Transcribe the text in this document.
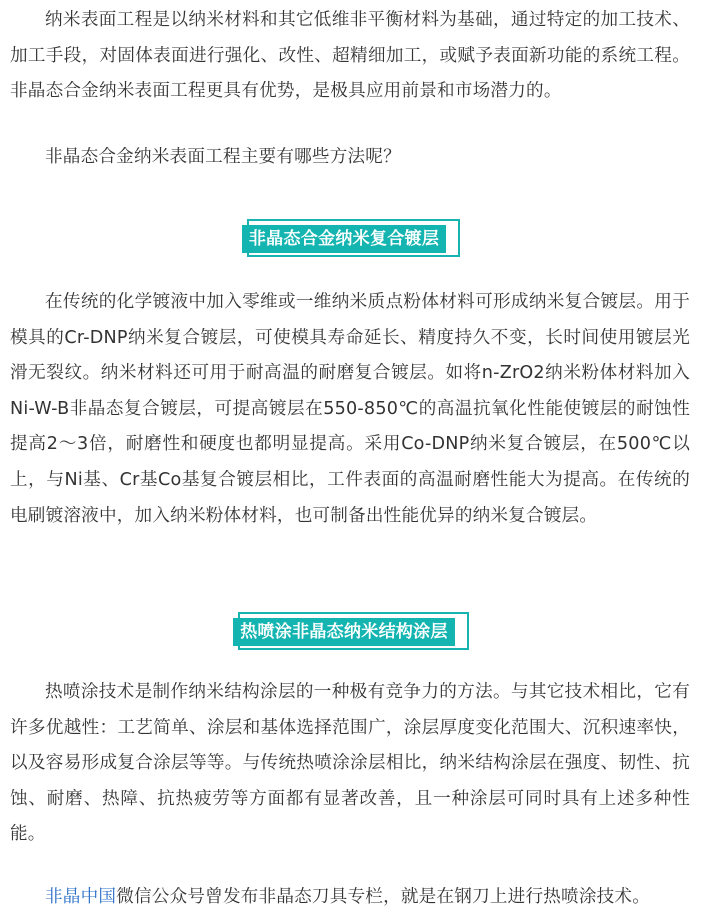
纳米表面工程是以纳米材料和其它低维非平衡材料为基础，通过特定的加工技术、加工手段，对固体表面进行强化、改性、超精细加工，或赋予表面新功能的系统工程。非晶态合金纳米表面工程更具有优势，是极具应用前景和市场潜力的。

非晶态合金纳米表面工程主要有哪些方法呢？

非晶态合金纳米复合镀层

在传统的化学镀液中加入零维或一维纳米质点粉体材料可形成纳米复合镀层。用于模具的Cr-DNP纳米复合镀层，可使模具寿命延长、精度持久不变，长时间使用镀层光滑无裂纹。纳米材料还可用于耐高温的耐磨复合镀层。如将n-ZrO2纳米粉体材料加入Ni-W-B非晶态复合镀层，可提高镀层在550-850℃的高温抗氧化性能使镀层的耐蚀性提高2～3倍，耐磨性和硬度也都明显提高。采用Co-DNP纳米复合镀层，在500℃以上，与Ni基、Cr基Co基复合镀层相比，工件表面的高温耐磨性能大为提高。在传统的电刷镀溶液中，加入纳米粉体材料，也可制备出性能优异的纳米复合镀层。

热喷涂非晶态纳米结构涂层

热喷涂技术是制作纳米结构涂层的一种极有竞争力的方法。与其它技术相比，它有许多优越性：工艺简单、涂层和基体选择范围广，涂层厚度变化范围大、沉积速率快，以及容易形成复合涂层等等。与传统热喷涂涂层相比，纳米结构涂层在强度、韧性、抗蚀、耐磨、热障、抗热疲劳等方面都有显著改善，且一种涂层可同时具有上述多种性能。

非晶中国微信公众号曾发布非晶态刀具专栏，就是在钢刀上进行热喷涂技术。
